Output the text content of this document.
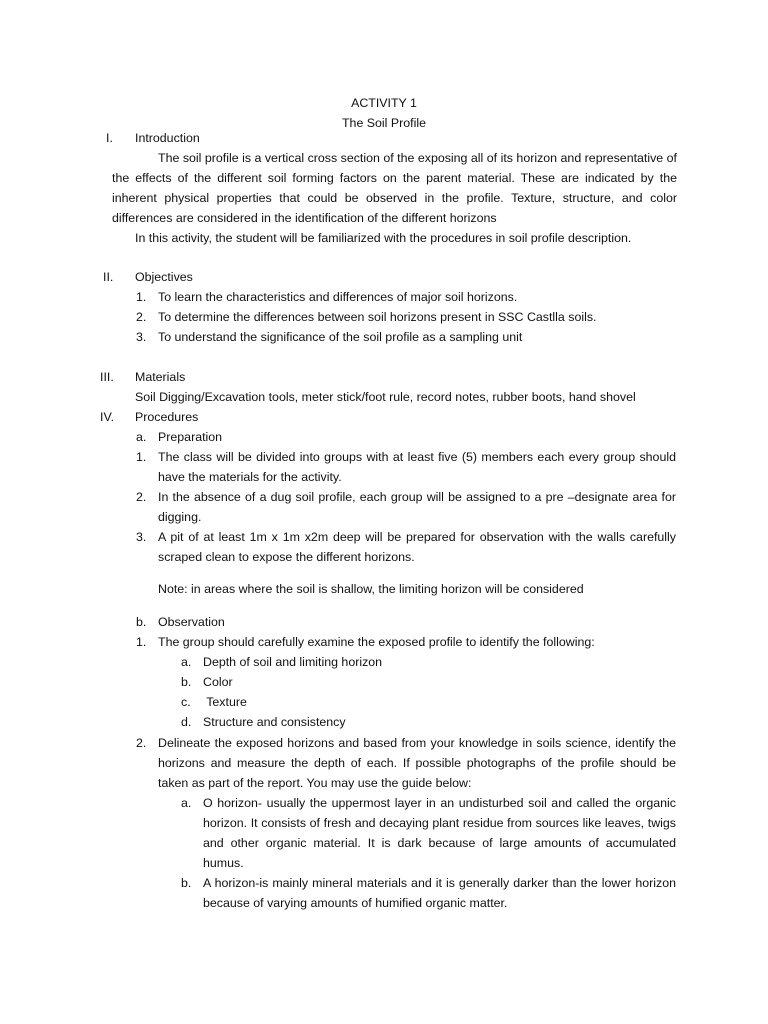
ACTIVITY 1
The Soil Profile
I. Introduction
The soil profile is a vertical cross section of the exposing all of its horizon and representative of the effects of the different soil forming factors on the parent material. These are indicated by the inherent physical properties that could be observed in the profile. Texture, structure, and color differences are considered in the identification of the different horizons
In this activity, the student will be familiarized with the procedures in soil profile description.
II. Objectives
1. To learn the characteristics and differences of major soil horizons.
2. To determine the differences between soil horizons present in SSC Castlla soils.
3. To understand the significance of the soil profile as a sampling unit
III. Materials
Soil Digging/Excavation tools, meter stick/foot rule, record notes, rubber boots, hand shovel
IV. Procedures
a. Preparation
1. The class will be divided into groups with at least five (5) members each every group should have the materials for the activity.
2. In the absence of a dug soil profile, each group will be assigned to a pre –designate area for digging.
3. A pit of at least 1m x 1m x2m deep will be prepared for observation with the walls carefully scraped clean to expose the different horizons.
Note: in areas where the soil is shallow, the limiting horizon will be considered
b. Observation
1. The group should carefully examine the exposed profile to identify the following:
a. Depth of soil and limiting horizon
b. Color
c. Texture
d. Structure and consistency
2. Delineate the exposed horizons and based from your knowledge in soils science, identify the horizons and measure the depth of each. If possible photographs of the profile should be taken as part of the report. You may use the guide below:
a. O horizon- usually the uppermost layer in an undisturbed soil and called the organic horizon. It consists of fresh and decaying plant residue from sources like leaves, twigs and other organic material. It is dark because of large amounts of accumulated humus.
b. A horizon-is mainly mineral materials and it is generally darker than the lower horizon because of varying amounts of humified organic matter.
